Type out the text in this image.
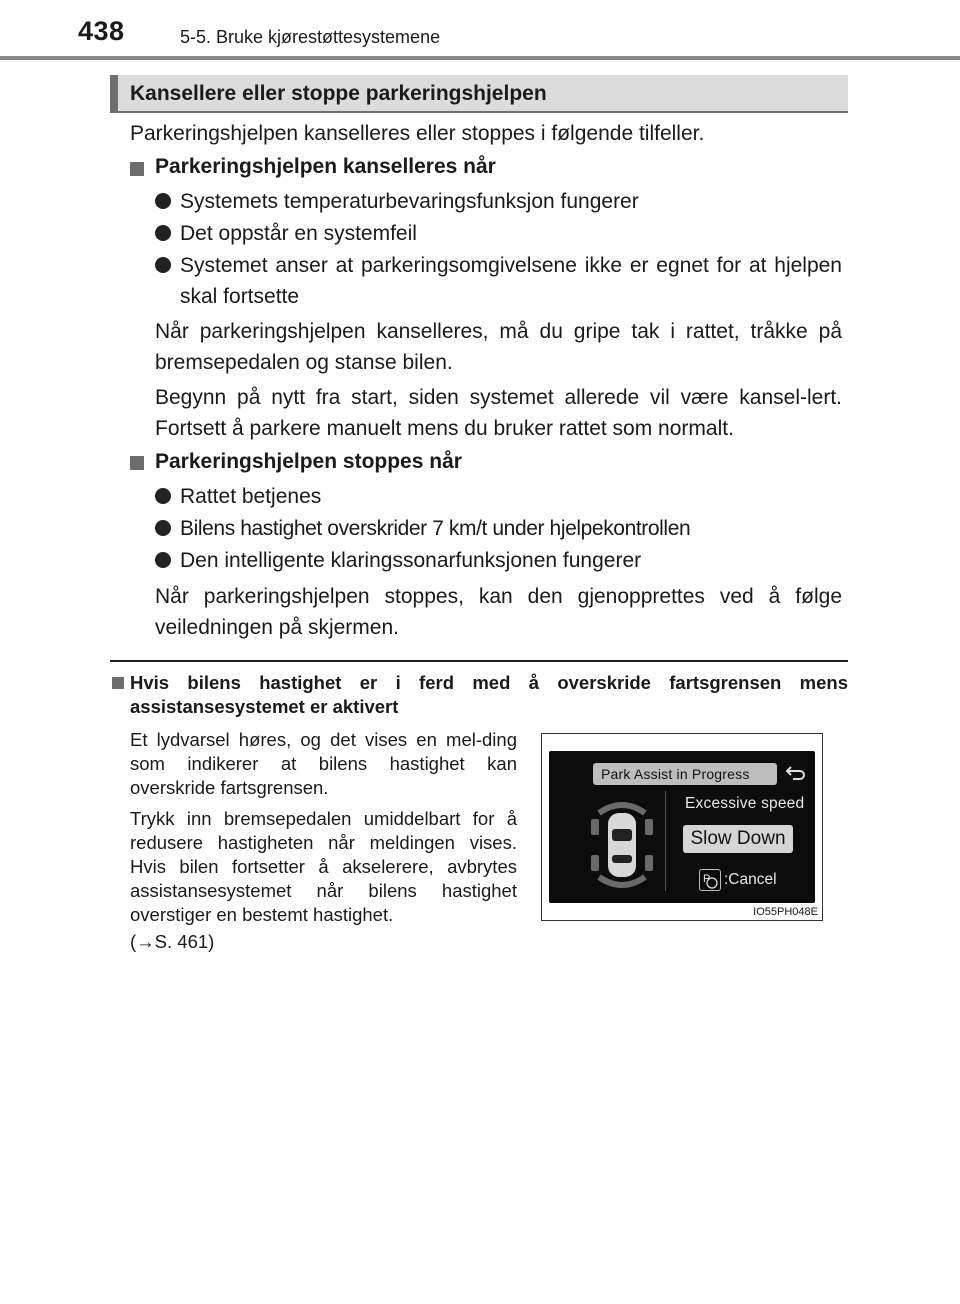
438	5-5. Bruke kjørestøttesystemene
Kansellere eller stoppe parkeringshjelpen
Parkeringshjelpen kanselleres eller stoppes i følgende tilfeller.
Parkeringshjelpen kanselleres når
Systemets temperaturbevaringsfunksjon fungerer
Det oppstår en systemfeil
Systemet anser at parkeringsomgivelsene ikke er egnet for at hjelpen skal fortsette
Når parkeringshjelpen kanselleres, må du gripe tak i rattet, tråkke på bremsepedalen og stanse bilen.
Begynn på nytt fra start, siden systemet allerede vil være kansel-lert. Fortsett å parkere manuelt mens du bruker rattet som normalt.
Parkeringshjelpen stoppes når
Rattet betjenes
Bilens hastighet overskrider 7 km/t under hjelpekontrollen
Den intelligente klaringssonarfunksjonen fungerer
Når parkeringshjelpen stoppes, kan den gjenopprettes ved å følge veiledningen på skjermen.
Hvis bilens hastighet er i ferd med å overskride fartsgrensen mens assistansesystemet er aktivert
Et lydvarsel høres, og det vises en mel-ding som indikerer at bilens hastighet kan overskride fartsgrensen.
Trykk inn bremsepedalen umiddelbart for å redusere hastigheten når meldingen vises. Hvis bilen fortsetter å akselerere, avbrytes assistansesystemet når bilens hastighet overstiger en bestemt hastighet.
(→S. 461)
Park Assist in Progress
Excessive speed
Slow Down
P :Cancel
IO55PH048E
